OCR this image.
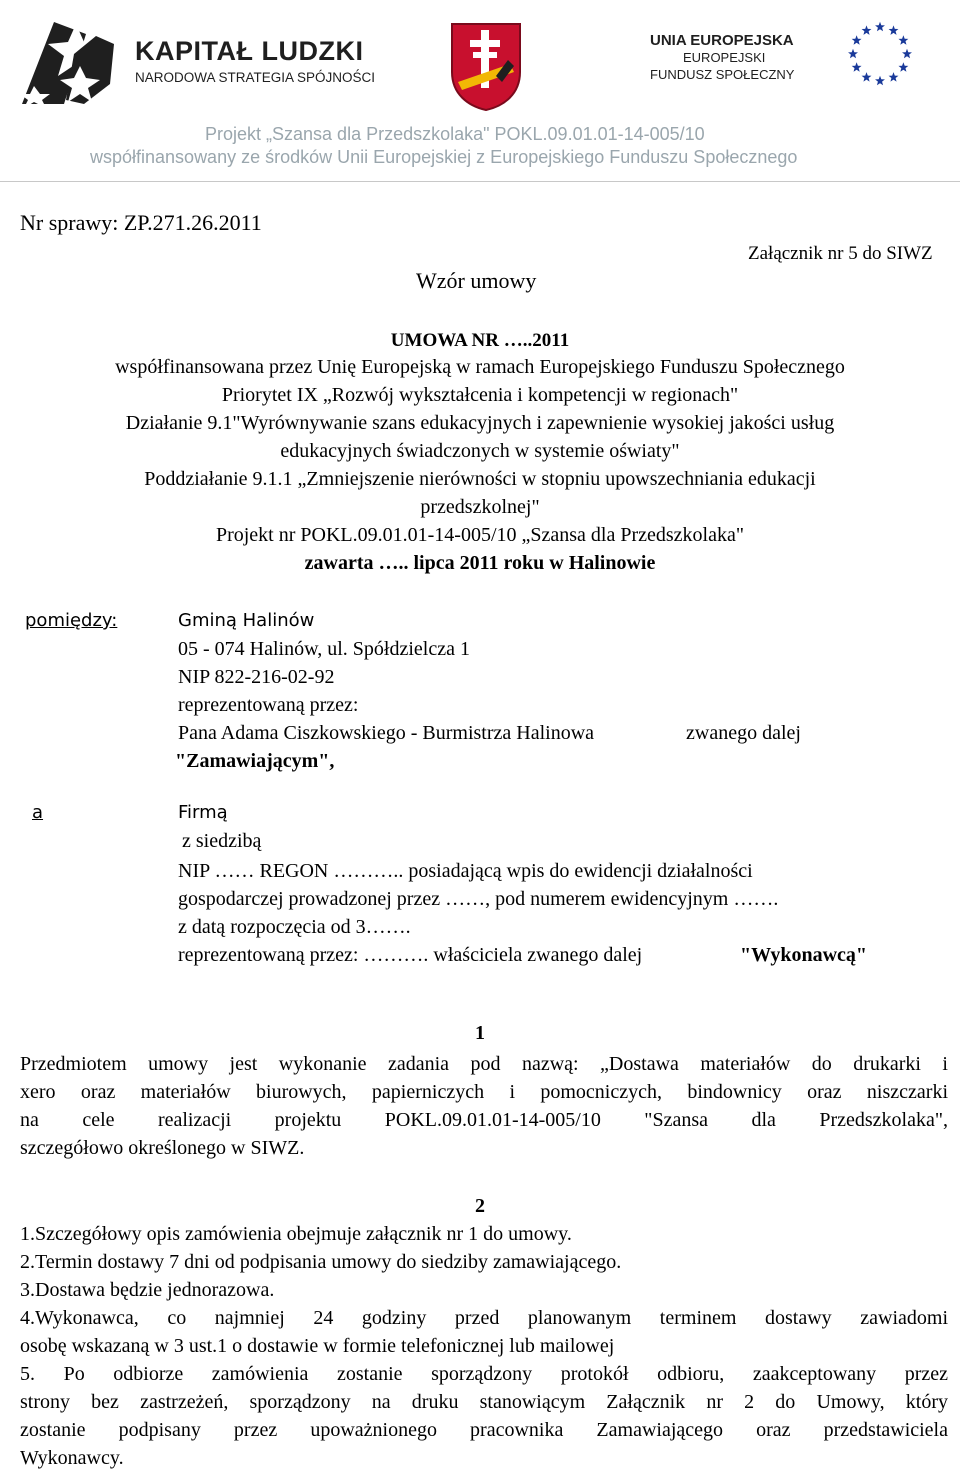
KAPITAŁ LUDZKI
NARODOWA STRATEGIA SPÓJNOŚCI
UNIA EUROPEJSKA
EUROPEJSKI
FUNDUSZ SPOŁECZNY
Projekt „Szansa dla Przedszkolaka" POKL.09.01.01-14-005/10
współfinansowany ze środków Unii Europejskiej z Europejskiego Funduszu Społecznego
Nr sprawy: ZP.271.26.2011
Załącznik nr 5 do SIWZ
Wzór umowy
UMOWA NR …..2011
współfinansowana przez Unię Europejską w ramach Europejskiego Funduszu Społecznego
Priorytet IX „Rozwój wykształcenia i kompetencji w regionach"
Działanie 9.1"Wyrównywanie szans edukacyjnych i zapewnienie wysokiej jakości usług
edukacyjnych świadczonych w systemie oświaty"
Poddziałanie 9.1.1 „Zmniejszenie nierówności w stopniu upowszechniania edukacji
przedszkolnej"
Projekt nr POKL.09.01.01-14-005/10 „Szansa dla Przedszkolaka"
zawarta ….. lipca 2011 roku w Halinowie
pomiędzy:	Gminą Halinów
05 - 074 Halinów, ul. Spółdzielcza 1
NIP 822-216-02-92
reprezentowaną przez:
Pana Adama Ciszkowskiego - Burmistrza Halinowa	zwanego dalej
"Zamawiającym",
a	Firmą
z siedzibą
NIP …… REGON ……….. posiadającą wpis do ewidencji działalności
gospodarczej prowadzonej przez ……, pod numerem ewidencyjnym …….
z datą rozpoczęcia od 3…….
reprezentowaną przez: ………. właściciela zwanego dalej	"Wykonawcą"
1
Przedmiotem umowy jest wykonanie zadania pod nazwą: „Dostawa materiałów do drukarki i
xero oraz materiałów biurowych, papierniczych i pomocniczych, bindownicy oraz niszczarki
na cele realizacji projektu POKL.09.01.01-14-005/10 "Szansa dla Przedszkolaka",
szczegółowo określonego w SIWZ.
2
1.Szczegółowy opis zamówienia obejmuje załącznik nr 1 do umowy.
2.Termin dostawy 7 dni od podpisania umowy do siedziby zamawiającego.
3.Dostawa będzie jednorazowa.
4.Wykonawca, co najmniej 24 godziny przed planowanym terminem dostawy zawiadomi
osobę wskazaną w 3 ust.1 o dostawie w formie telefonicznej lub mailowej
5. Po odbiorze zamówienia zostanie sporządzony protokół odbioru, zaakceptowany przez
strony bez zastrzeżeń, sporządzony na druku stanowiącym Załącznik nr 2 do Umowy, który
zostanie podpisany przez upoważnionego pracownika Zamawiającego oraz przedstawiciela
Wykonawcy.
